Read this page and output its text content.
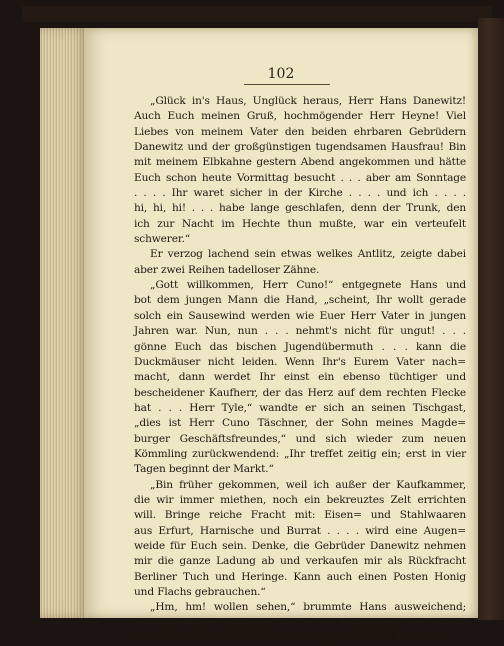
102
„Glück in's Haus, Unglück heraus, Herr Hans Danewitz!
Auch Euch meinen Gruß, hochmögender Herr Heyne! Viel
Liebes von meinem Vater den beiden ehrbaren Gebrüdern
Danewitz und der großgünstigen tugendsamen Hausfrau! Bin
mit meinem Elbkahne gestern Abend angekommen und hätte
Euch schon heute Vormittag besucht . . . aber am Sonntage
. . . . Ihr waret sicher in der Kirche . . . . und ich . . . .
hi, hi, hi! . . . habe lange geschlafen, denn der Trunk, den
ich zur Nacht im Hechte thun mußte, war ein verteufelt
schwerer.“
Er verzog lachend sein etwas welkes Antlitz, zeigte dabei
aber zwei Reihen tadelloser Zähne.
„Gott willkommen, Herr Cuno!“ entgegnete Hans und
bot dem jungen Mann die Hand, „scheint, Ihr wollt gerade
solch ein Sausewind werden wie Euer Herr Vater in jungen
Jahren war. Nun, nun . . . nehmt's nicht für ungut! . . .
gönne Euch das bischen Jugendübermuth . . . kann die
Duckmäuser nicht leiden. Wenn Ihr's Eurem Vater nach=
macht, dann werdet Ihr einst ein ebenso tüchtiger und
bescheidener Kaufherr, der das Herz auf dem rechten Flecke
hat . . . Herr Tyle,“ wandte er sich an seinen Tischgast,
„dies ist Herr Cuno Täschner, der Sohn meines Magde=
burger Geschäftsfreundes,“ und sich wieder zum neuen
Kömmling zurückwendend: „Ihr treffet zeitig ein; erst in vier
Tagen beginnt der Markt.“
„Bin früher gekommen, weil ich außer der Kaufkammer,
die wir immer miethen, noch ein bekreuztes Zelt errichten
will. Bringe reiche Fracht mit: Eisen= und Stahlwaaren
aus Erfurt, Harnische und Burrat . . . . wird eine Augen=
weide für Euch sein. Denke, die Gebrüder Danewitz nehmen
mir die ganze Ladung ab und verkaufen mir als Rückfracht
Berliner Tuch und Heringe. Kann auch einen Posten Honig
und Flachs gebrauchen.“
„Hm, hm! wollen sehen,“ brummte Hans ausweichend;
als fürsichtiger Kaufmann war er bei Erwähnung der bevor=
stehenden Geschäfte sofort nüchtern geworden. „Heute ist
